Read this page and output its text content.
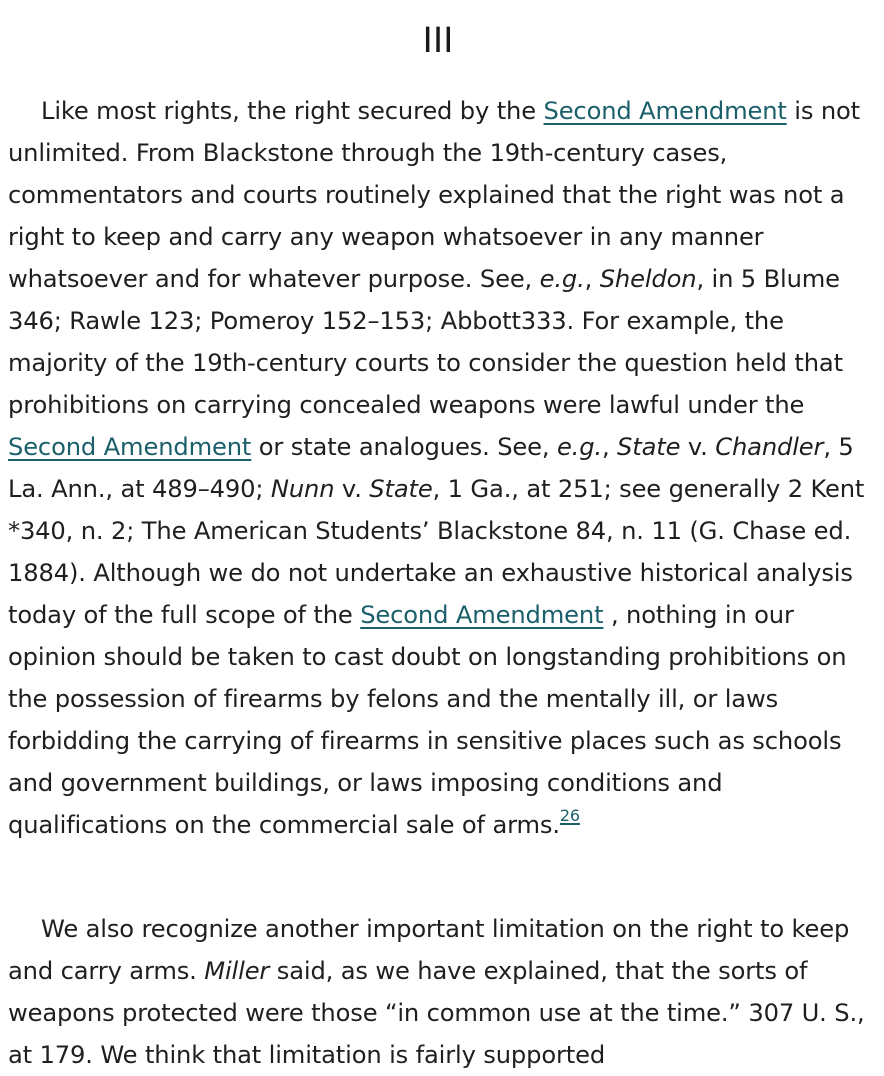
III

Like most rights, the right secured by the Second Amendment is not unlimited. From Blackstone through the 19th-century cases, commentators and courts routinely explained that the right was not a right to keep and carry any weapon whatsoever in any manner whatsoever and for whatever purpose. See, e.g., Sheldon, in 5 Blume 346; Rawle 123; Pomeroy 152–153; Abbott333. For example, the majority of the 19th-century courts to consider the question held that prohibitions on carrying concealed weapons were lawful under the Second Amendment or state analogues. See, e.g., State v. Chandler, 5 La. Ann., at 489–490; Nunn v. State, 1 Ga., at 251; see generally 2 Kent *340, n. 2; The American Students’ Blackstone 84, n. 11 (G. Chase ed. 1884). Although we do not undertake an exhaustive historical analysis today of the full scope of the Second Amendment , nothing in our opinion should be taken to cast doubt on longstanding prohibitions on the possession of firearms by felons and the mentally ill, or laws forbidding the carrying of firearms in sensitive places such as schools and government buildings, or laws imposing conditions and qualifications on the commercial sale of arms.$^{26}$

We also recognize another important limitation on the right to keep and carry arms. Miller said, as we have explained, that the sorts of weapons protected were those “in common use at the time.” 307 U. S., at 179. We think that limitation is fairly supported
